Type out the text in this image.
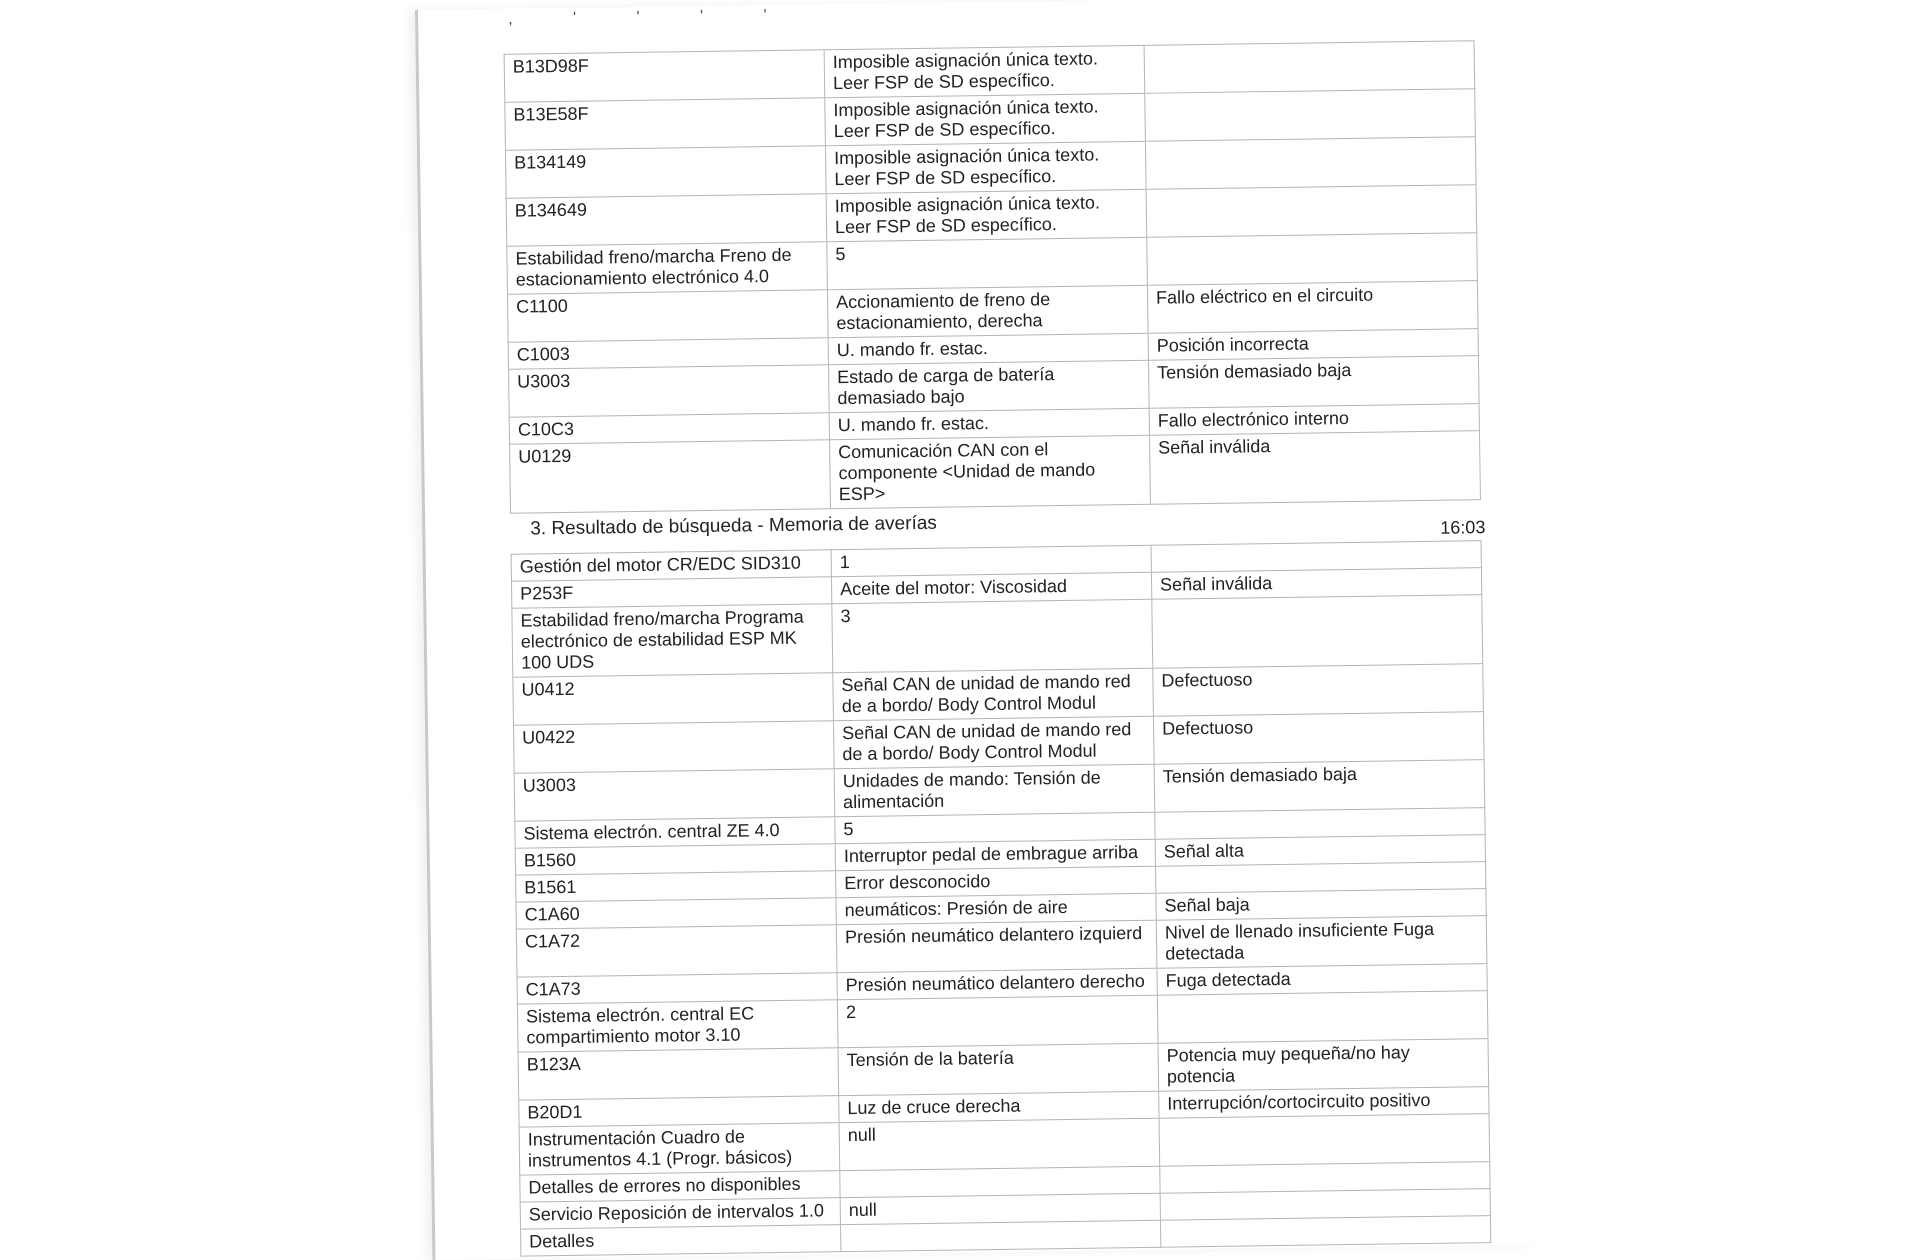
, ' ' ' '
B13D98F	Imposible asignación única texto. Leer FSP de SD específico.	
B13E58F	Imposible asignación única texto. Leer FSP de SD específico.	
B134149	Imposible asignación única texto. Leer FSP de SD específico.	
B134649	Imposible asignación única texto. Leer FSP de SD específico.	
Estabilidad freno/marcha Freno de estacionamiento electrónico 4.0	5	
C1100	Accionamiento de freno de estacionamiento, derecha	Fallo eléctrico en el circuito
C1003	U. mando fr. estac.	Posición incorrecta
U3003	Estado de carga de batería demasiado bajo	Tensión demasiado baja
C10C3	U. mando fr. estac.	Fallo electrónico interno
U0129	Comunicación CAN con el componente <Unidad de mando ESP>	Señal inválida
3. Resultado de búsqueda - Memoria de averías	16:03
Gestión del motor CR/EDC SID310	1	
P253F	Aceite del motor: Viscosidad	Señal inválida
Estabilidad freno/marcha Programa electrónico de estabilidad ESP MK 100 UDS	3	
U0412	Señal CAN de unidad de mando red de a bordo/ Body Control Modul	Defectuoso
U0422	Señal CAN de unidad de mando red de a bordo/ Body Control Modul	Defectuoso
U3003	Unidades de mando: Tensión de alimentación	Tensión demasiado baja
Sistema electrón. central ZE 4.0	5	
B1560	Interruptor pedal de embrague arriba	Señal alta
B1561	Error desconocido	
C1A60	neumáticos: Presión de aire	Señal baja
C1A72	Presión neumático delantero izquierd	Nivel de llenado insuficiente Fuga detectada
C1A73	Presión neumático delantero derecho	Fuga detectada
Sistema electrón. central EC compartimiento motor 3.10	2	
B123A	Tensión de la batería	Potencia muy pequeña/no hay potencia
B20D1	Luz de cruce derecha	Interrupción/cortocircuito positivo
Instrumentación Cuadro de instrumentos 4.1 (Progr. básicos)	null	
Detalles de errores no disponibles		
Servicio Reposición de intervalos 1.0	null	
Detalles		
